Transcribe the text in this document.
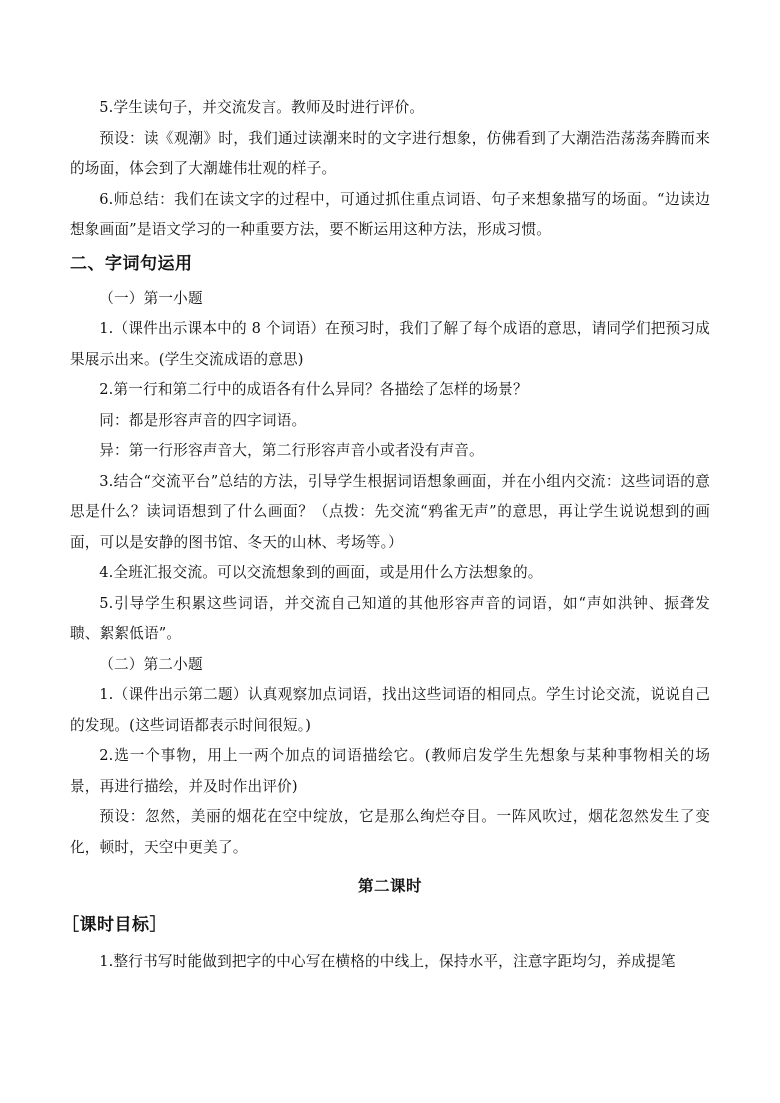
5.学生读句子，并交流发言。教师及时进行评价。

预设：读《观潮》时，我们通过读潮来时的文字进行想象，仿佛看到了大潮浩浩荡荡奔腾而来的场面，体会到了大潮雄伟壮观的样子。

6.师总结：我们在读文字的过程中，可通过抓住重点词语、句子来想象描写的场面。“边读边想象画面”是语文学习的一种重要方法，要不断运用这种方法，形成习惯。

二、字词句运用

（一）第一小题

1.（课件出示课本中的 8 个词语）在预习时，我们了解了每个成语的意思，请同学们把预习成果展示出来。(学生交流成语的意思)

2.第一行和第二行中的成语各有什么异同？各描绘了怎样的场景？

同：都是形容声音的四字词语。

异：第一行形容声音大，第二行形容声音小或者没有声音。

3.结合“交流平台”总结的方法，引导学生根据词语想象画面，并在小组内交流：这些词语的意思是什么？读词语想到了什么画面？（点拨：先交流“鸦雀无声”的意思，再让学生说说想到的画面，可以是安静的图书馆、冬天的山林、考场等。）

4.全班汇报交流。可以交流想象到的画面，或是用什么方法想象的。

5.引导学生积累这些词语，并交流自己知道的其他形容声音的词语，如“声如洪钟、振聋发聩、絮絮低语”。

（二）第二小题

1.（课件出示第二题）认真观察加点词语，找出这些词语的相同点。学生讨论交流，说说自己的发现。(这些词语都表示时间很短。)

2.选一个事物，用上一两个加点的词语描绘它。(教师启发学生先想象与某种事物相关的场景，再进行描绘，并及时作出评价)

预设：忽然，美丽的烟花在空中绽放，它是那么绚烂夺目。一阵风吹过，烟花忽然发生了变化，顿时，天空中更美了。

第二课时
［课时目标］

1.整行书写时能做到把字的中心写在横格的中线上，保持水平，注意字距均匀，养成提笔
